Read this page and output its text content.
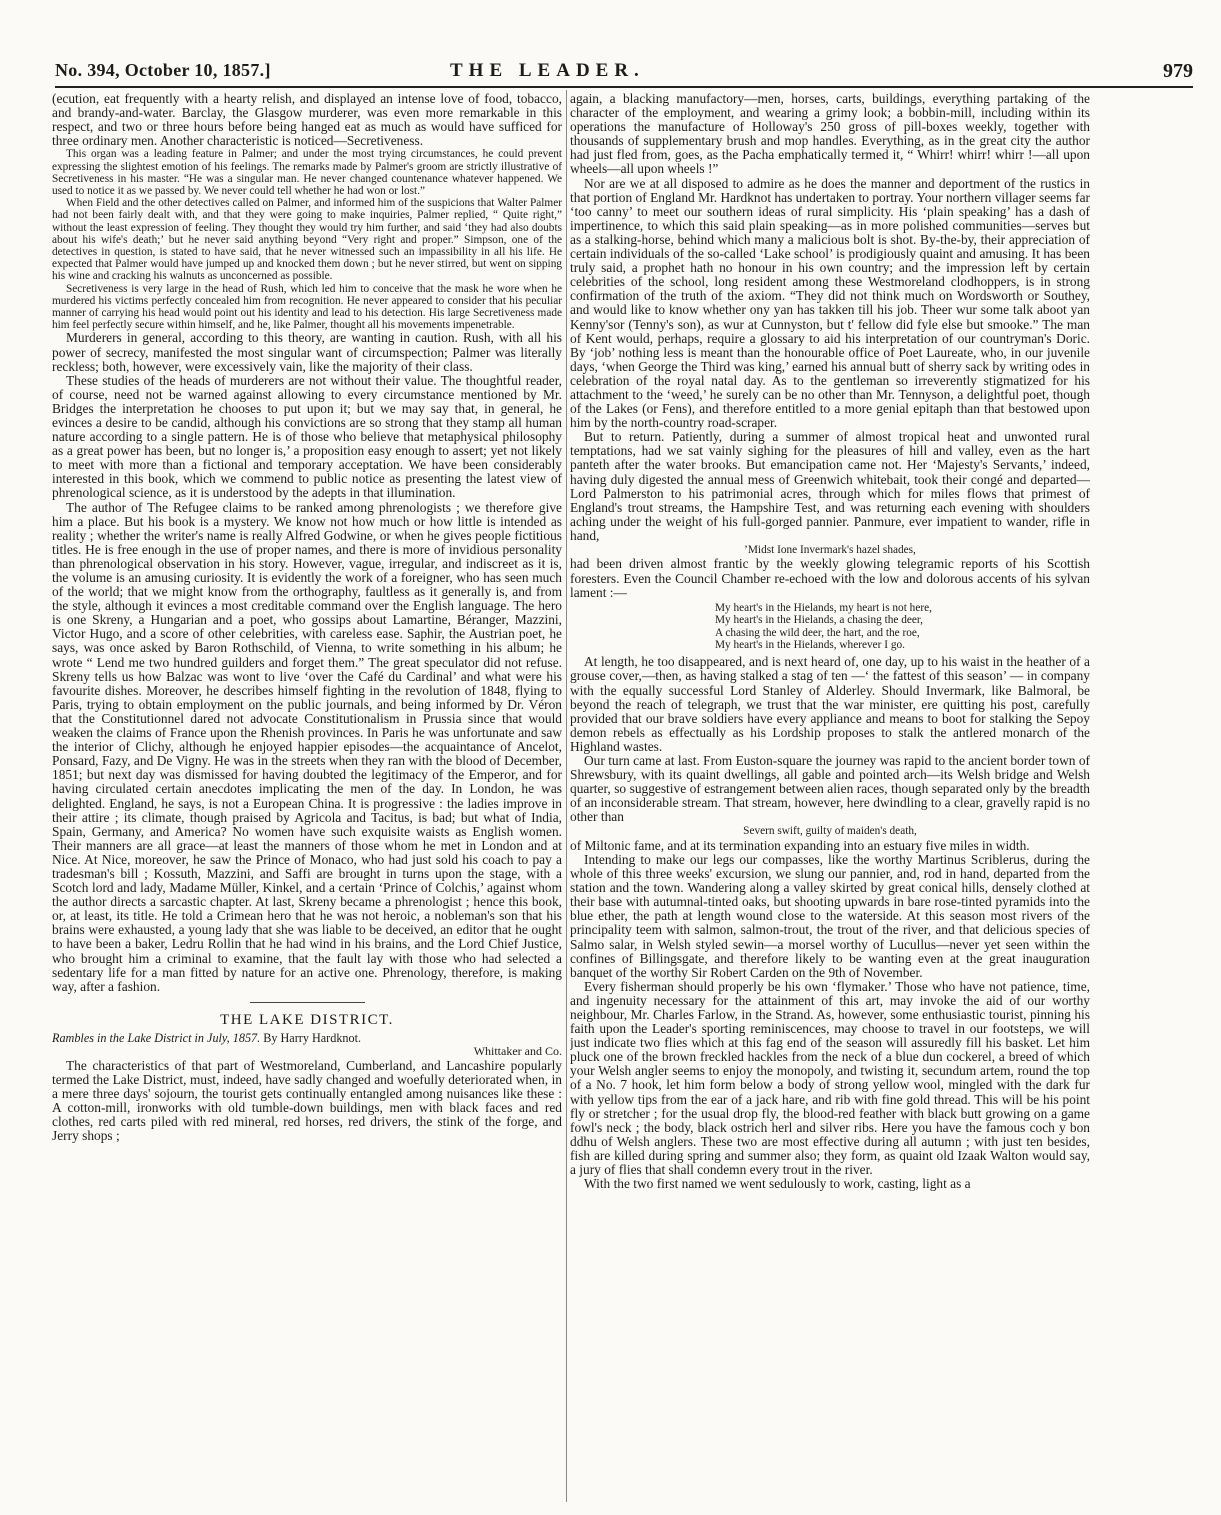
No. 394, October 10, 1857.]	THE LEADER.	979

(ecution, eat frequently with a hearty relish, and displayed an intense love of food, tobacco, and brandy-and-water. Barclay, the Glasgow murderer, was even more remarkable in this respect, and two or three hours before being hanged eat as much as would have sufficed for three ordinary men. Another characteristic is noticed—Secretiveness.

This organ was a leading feature in Palmer; and under the most trying circumstances, he could prevent expressing the slightest emotion of his feelings. The remarks made by Palmer's groom are strictly illustrative of Secretiveness in his master. “He was a singular man. He never changed countenance whatever happened. We used to notice it as we passed by. We never could tell whether he had won or lost.”

When Field and the other detectives called on Palmer, and informed him of the suspicions that Walter Palmer had not been fairly dealt with, and that they were going to make inquiries, Palmer replied, “ Quite right,” without the least expression of feeling. They thought they would try him further, and said ‘they had also doubts about his wife's death;’ but he never said anything beyond “Very right and proper.” Simpson, one of the detectives in question, is stated to have said, that he never witnessed such an impassibility in all his life. He expected that Palmer would have jumped up and knocked them down ; but he never stirred, but went on sipping his wine and cracking his walnuts as unconcerned as possible.

Secretiveness is very large in the head of Rush, which led him to conceive that the mask he wore when he murdered his victims perfectly concealed him from recognition. He never appeared to consider that his peculiar manner of carrying his head would point out his identity and lead to his detection. His large Secretiveness made him feel perfectly secure within himself, and he, like Palmer, thought all his movements impenetrable.

Murderers in general, according to this theory, are wanting in caution. Rush, with all his power of secrecy, manifested the most singular want of circumspection; Palmer was literally reckless; both, however, were excessively vain, like the majority of their class.

These studies of the heads of murderers are not without their value. The thoughtful reader, of course, need not be warned against allowing to every circumstance mentioned by Mr. Bridges the interpretation he chooses to put upon it; but we may say that, in general, he evinces a desire to be candid, although his convictions are so strong that they stamp all human nature according to a single pattern. He is of those who believe that metaphysical philosophy as a great power has been, but no longer is,’ a proposition easy enough to assert; yet not likely to meet with more than a fictional and temporary acceptation. We have been considerably interested in this book, which we commend to public notice as presenting the latest view of phrenological science, as it is understood by the adepts in that illumination.

The author of The Refugee claims to be ranked among phrenologists ; we therefore give him a place. But his book is a mystery. We know not how much or how little is intended as reality ; whether the writer's name is really Alfred Godwine, or when he gives people fictitious titles. He is free enough in the use of proper names, and there is more of invidious personality than phrenological observation in his story. However, vague, irregular, and indiscreet as it is, the volume is an amusing curiosity. It is evidently the work of a foreigner, who has seen much of the world; that we might know from the orthography, faultless as it generally is, and from the style, although it evinces a most creditable command over the English language. The hero is one Skreny, a Hungarian and a poet, who gossips about Lamartine, Béranger, Mazzini, Victor Hugo, and a score of other celebrities, with careless ease. Saphir, the Austrian poet, he says, was once asked by Baron Rothschild, of Vienna, to write something in his album; he wrote “ Lend me two hundred guilders and forget them.” The great speculator did not refuse. Skreny tells us how Balzac was wont to live ‘over the Café du Cardinal’ and what were his favourite dishes. Moreover, he describes himself fighting in the revolution of 1848, flying to Paris, trying to obtain employment on the public journals, and being informed by Dr. Véron that the Constitutionnel dared not advocate Constitutionalism in Prussia since that would weaken the claims of France upon the Rhenish provinces. In Paris he was unfortunate and saw the interior of Clichy, although he enjoyed happier episodes—the acquaintance of Ancelot, Ponsard, Fazy, and De Vigny. He was in the streets when they ran with the blood of December, 1851; but next day was dismissed for having doubted the legitimacy of the Emperor, and for having circulated certain anecdotes implicating the men of the day. In London, he was delighted. England, he says, is not a European China. It is progressive : the ladies improve in their attire ; its climate, though praised by Agricola and Tacitus, is bad; but what of India, Spain, Germany, and America? No women have such exquisite waists as English women. Their manners are all grace—at least the manners of those whom he met in London and at Nice. At Nice, moreover, he saw the Prince of Monaco, who had just sold his coach to pay a tradesman's bill ; Kossuth, Mazzini, and Saffi are brought in turns upon the stage, with a Scotch lord and lady, Madame Müller, Kinkel, and a certain ‘Prince of Colchis,’ against whom the author directs a sarcastic chapter. At last, Skreny became a phrenologist ; hence this book, or, at least, its title. He told a Crimean hero that he was not heroic, a nobleman's son that his brains were exhausted, a young lady that she was liable to be deceived, an editor that he ought to have been a baker, Ledru Rollin that he had wind in his brains, and the Lord Chief Justice, who brought him a criminal to examine, that the fault lay with those who had selected a sedentary life for a man fitted by nature for an active one. Phrenology, therefore, is making way, after a fashion.

THE LAKE DISTRICT.

Rambles in the Lake District in July, 1857. By Harry Hardknot.

Whittaker and Co.

The characteristics of that part of Westmoreland, Cumberland, and Lancashire popularly termed the Lake District, must, indeed, have sadly changed and woefully deteriorated when, in a mere three days' sojourn, the tourist gets continually entangled among nuisances like these : A cotton-mill, ironworks with old tumble-down buildings, men with black faces and red clothes, red carts piled with red mineral, red horses, red drivers, the stink of the forge, and Jerry shops ;

again, a blacking manufactory—men, horses, carts, buildings, everything partaking of the character of the employment, and wearing a grimy look; a bobbin-mill, including within its operations the manufacture of Holloway's 250 gross of pill-boxes weekly, together with thousands of supplementary brush and mop handles. Everything, as in the great city the author had just fled from, goes, as the Pacha emphatically termed it, “ Whirr! whirr! whirr !—all upon wheels—all upon wheels !”

Nor are we at all disposed to admire as he does the manner and deportment of the rustics in that portion of England Mr. Hardknot has undertaken to portray. Your northern villager seems far ‘too canny’ to meet our southern ideas of rural simplicity. His ‘plain speaking’ has a dash of impertinence, to which this said plain speaking—as in more polished communities—serves but as a stalking-horse, behind which many a malicious bolt is shot. By-the-by, their appreciation of certain individuals of the so-called ‘Lake school’ is prodigiously quaint and amusing. It has been truly said, a prophet hath no honour in his own country; and the impression left by certain celebrities of the school, long resident among these Westmoreland clodhoppers, is in strong confirmation of the truth of the axiom. “They did not think much on Wordsworth or Southey, and would like to know whether ony yan has takken till his job. Theer wur some talk aboot yan Kenny'sor (Tenny's son), as wur at Cunnyston, but t' fellow did fyle else but smooke.” The man of Kent would, perhaps, require a glossary to aid his interpretation of our countryman's Doric. By ‘job’ nothing less is meant than the honourable office of Poet Laureate, who, in our juvenile days, ‘when George the Third was king,’ earned his annual butt of sherry sack by writing odes in celebration of the royal natal day. As to the gentleman so irreverently stigmatized for his attachment to the ‘weed,’ he surely can be no other than Mr. Tennyson, a delightful poet, though of the Lakes (or Fens), and therefore entitled to a more genial epitaph than that bestowed upon him by the north-country road-scraper.

But to return. Patiently, during a summer of almost tropical heat and unwonted rural temptations, had we sat vainly sighing for the pleasures of hill and valley, even as the hart panteth after the water brooks. But emancipation came not. Her ‘Majesty's Servants,’ indeed, having duly digested the annual mess of Greenwich whitebait, took their congé and departed—Lord Palmerston to his patrimonial acres, through which for miles flows that primest of England's trout streams, the Hampshire Test, and was returning each evening with shoulders aching under the weight of his full-gorged pannier. Panmure, ever impatient to wander, rifle in hand,

’Midst Ione Invermark's hazel shades,

had been driven almost frantic by the weekly glowing telegramic reports of his Scottish foresters. Even the Council Chamber re-echoed with the low and dolorous accents of his sylvan lament :—

My heart's in the Hielands, my heart is not here,

My heart's in the Hielands, a chasing the deer,

A chasing the wild deer, the hart, and the roe,

My heart's in the Hielands, wherever I go.

At length, he too disappeared, and is next heard of, one day, up to his waist in the heather of a grouse cover,—then, as having stalked a stag of ten —‘ the fattest of this season’ — in company with the equally successful Lord Stanley of Alderley. Should Invermark, like Balmoral, be beyond the reach of telegraph, we trust that the war minister, ere quitting his post, carefully provided that our brave soldiers have every appliance and means to boot for stalking the Sepoy demon rebels as effectually as his Lordship proposes to stalk the antlered monarch of the Highland wastes.

Our turn came at last. From Euston-square the journey was rapid to the ancient border town of Shrewsbury, with its quaint dwellings, all gable and pointed arch—its Welsh bridge and Welsh quarter, so suggestive of estrangement between alien races, though separated only by the breadth of an inconsiderable stream. That stream, however, here dwindling to a clear, gravelly rapid is no other than

Severn swift, guilty of maiden's death,

of Miltonic fame, and at its termination expanding into an estuary five miles in width.

Intending to make our legs our compasses, like the worthy Martinus Scriblerus, during the whole of this three weeks' excursion, we slung our pannier, and, rod in hand, departed from the station and the town. Wandering along a valley skirted by great conical hills, densely clothed at their base with autumnal-tinted oaks, but shooting upwards in bare rose-tinted pyramids into the blue ether, the path at length wound close to the waterside. At this season most rivers of the principality teem with salmon, salmon-trout, the trout of the river, and that delicious species of Salmo salar, in Welsh styled sewin—a morsel worthy of Lucullus—never yet seen within the confines of Billingsgate, and therefore likely to be wanting even at the great inauguration banquet of the worthy Sir Robert Carden on the 9th of November.

Every fisherman should properly be his own ‘flymaker.’ Those who have not patience, time, and ingenuity necessary for the attainment of this art, may invoke the aid of our worthy neighbour, Mr. Charles Farlow, in the Strand. As, however, some enthusiastic tourist, pinning his faith upon the Leader's sporting reminiscences, may choose to travel in our footsteps, we will just indicate two flies which at this fag end of the season will assuredly fill his basket. Let him pluck one of the brown freckled hackles from the neck of a blue dun cockerel, a breed of which your Welsh angler seems to enjoy the monopoly, and twisting it, secundum artem, round the top of a No. 7 hook, let him form below a body of strong yellow wool, mingled with the dark fur with yellow tips from the ear of a jack hare, and rib with fine gold thread. This will be his point fly or stretcher ; for the usual drop fly, the blood-red feather with black butt growing on a game fowl's neck ; the body, black ostrich herl and silver ribs. Here you have the famous coch y bon ddhu of Welsh anglers. These two are most effective during all autumn ; with just ten besides, fish are killed during spring and summer also; they form, as quaint old Izaak Walton would say, a jury of flies that shall condemn every trout in the river.

With the two first named we went sedulously to work, casting, light as a
